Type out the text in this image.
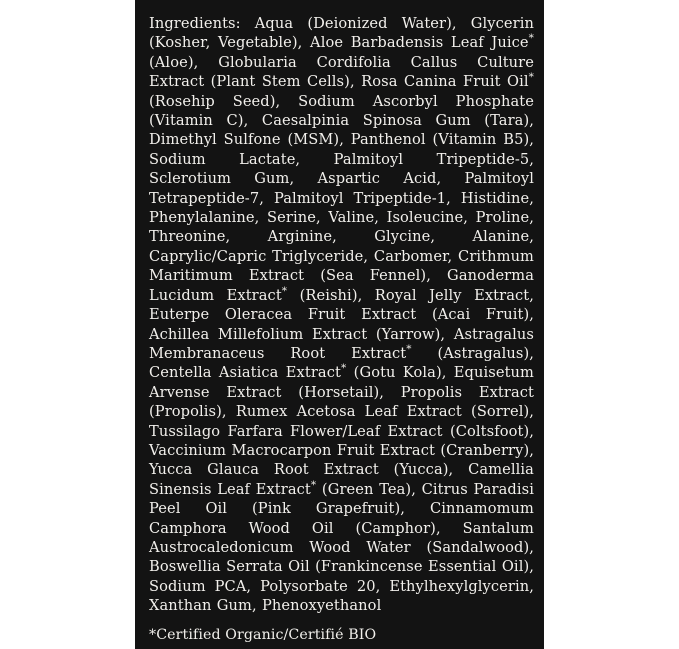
Ingredients: Aqua (Deionized Water), Glycerin (Kosher, Vegetable), Aloe Barbadensis Leaf Juice* (Aloe), Globularia Cordifolia Callus Culture Extract (Plant Stem Cells), Rosa Canina Fruit Oil* (Rosehip Seed), Sodium Ascorbyl Phosphate (Vitamin C), Caesalpinia Spinosa Gum (Tara), Dimethyl Sulfone (MSM), Panthenol (Vitamin B5), Sodium Lactate, Palmitoyl Tripeptide-5, Sclerotium Gum, Aspartic Acid, Palmitoyl Tetrapeptide-7, Palmitoyl Tripeptide-1, Histidine, Phenylalanine, Serine, Valine, Isoleucine, Proline, Threonine, Arginine, Glycine, Alanine, Caprylic/Capric Triglyceride, Carbomer, Crithmum Maritimum Extract (Sea Fennel), Ganoderma Lucidum Extract* (Reishi), Royal Jelly Extract, Euterpe Oleracea Fruit Extract (Acai Fruit), Achillea Millefolium Extract (Yarrow), Astragalus Membranaceus Root Extract* (Astragalus), Centella Asiatica Extract* (Gotu Kola), Equisetum Arvense Extract (Horsetail), Propolis Extract (Propolis), Rumex Acetosa Leaf Extract (Sorrel), Tussilago Farfara Flower/Leaf Extract (Coltsfoot), Vaccinium Macrocarpon Fruit Extract (Cranberry), Yucca Glauca Root Extract (Yucca), Camellia Sinensis Leaf Extract* (Green Tea), Citrus Paradisi Peel Oil (Pink Grapefruit), Cinnamomum Camphora Wood Oil (Camphor), Santalum Austrocaledonicum Wood Water (Sandalwood), Boswellia Serrata Oil (Frankincense Essential Oil), Sodium PCA, Polysorbate 20, Ethylhexylglycerin, Xanthan Gum, Phenoxyethanol
*Certified Organic/Certifié BIO
